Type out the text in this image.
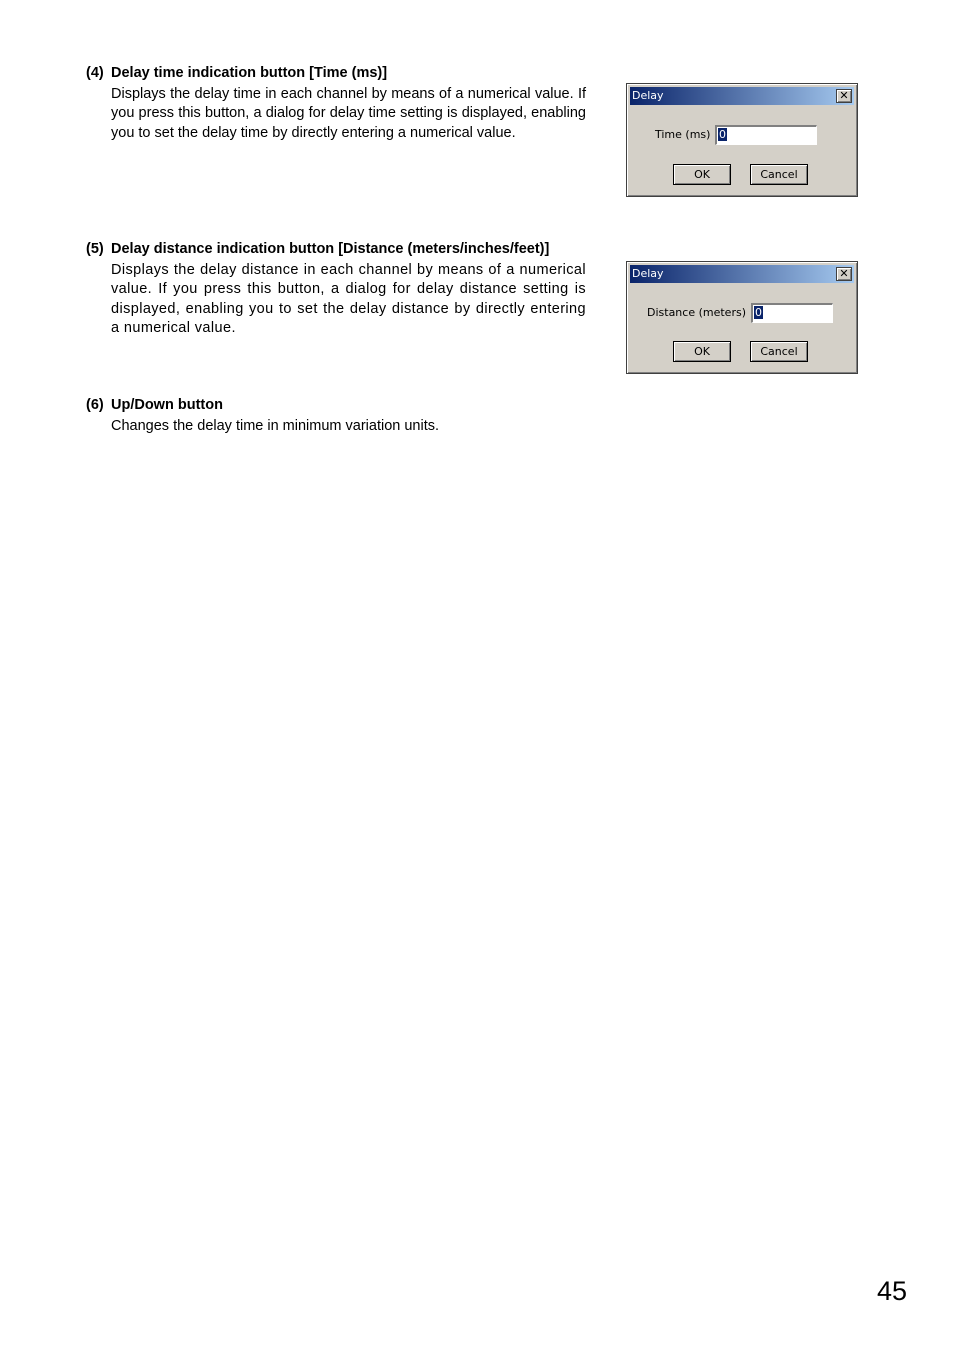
(4) Delay time indication button [Time (ms)]
Displays the delay time in each channel by means of a numerical value. If you press this button, a dialog for delay time setting is displayed, enabling you to set the delay time by directly entering a numerical value.
(5) Delay distance indication button [Distance (meters/inches/feet)]
Displays the delay distance in each channel by means of a numerical value. If you press this button, a dialog for delay distance setting is displayed, enabling you to set the delay distance by directly entering a numerical value.
(6) Up/Down button
Changes the delay time in minimum variation units.
Delay	✕
Time (ms) 0
OK	Cancel
Delay	✕
Distance (meters) 0
OK	Cancel
45
